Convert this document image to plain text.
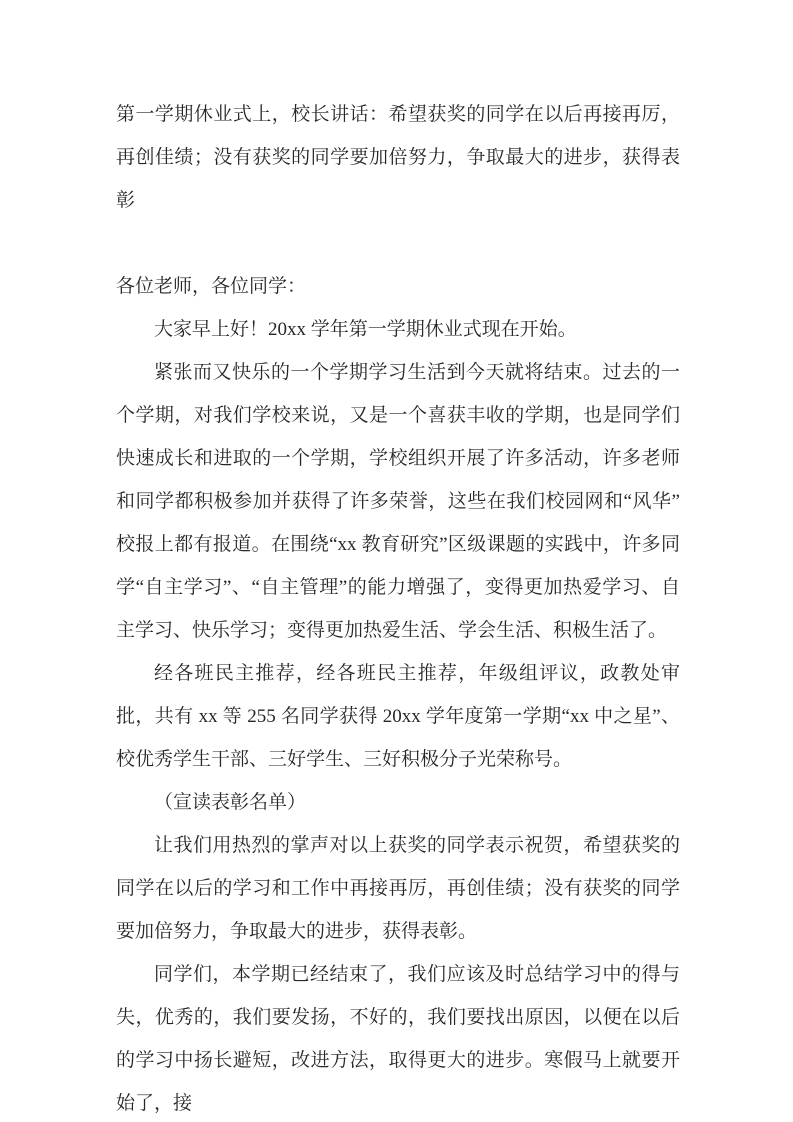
第一学期休业式上，校长讲话：希望获奖的同学在以后再接再厉，再创佳绩；没有获奖的同学要加倍努力，争取最大的进步，获得表彰

各位老师，各位同学：

大家早上好！20xx 学年第一学期休业式现在开始。

紧张而又快乐的一个学期学习生活到今天就将结束。过去的一个学期，对我们学校来说，又是一个喜获丰收的学期，也是同学们快速成长和进取的一个学期，学校组织开展了许多活动，许多老师和同学都积极参加并获得了许多荣誉，这些在我们校园网和“风华”校报上都有报道。在围绕“xx 教育研究”区级课题的实践中，许多同学“自主学习”、“自主管理”的能力增强了，变得更加热爱学习、自主学习、快乐学习；变得更加热爱生活、学会生活、积极生活了。

经各班民主推荐，经各班民主推荐，年级组评议，政教处审批，共有 xx 等 255 名同学获得 20xx 学年度第一学期“xx 中之星”、校优秀学生干部、三好学生、三好积极分子光荣称号。

（宣读表彰名单）

让我们用热烈的掌声对以上获奖的同学表示祝贺，希望获奖的同学在以后的学习和工作中再接再厉，再创佳绩；没有获奖的同学要加倍努力，争取最大的进步，获得表彰。

同学们，本学期已经结束了，我们应该及时总结学习中的得与失，优秀的，我们要发扬，不好的，我们要找出原因，以便在以后的学习中扬长避短，改进方法，取得更大的进步。寒假马上就要开始了，接
